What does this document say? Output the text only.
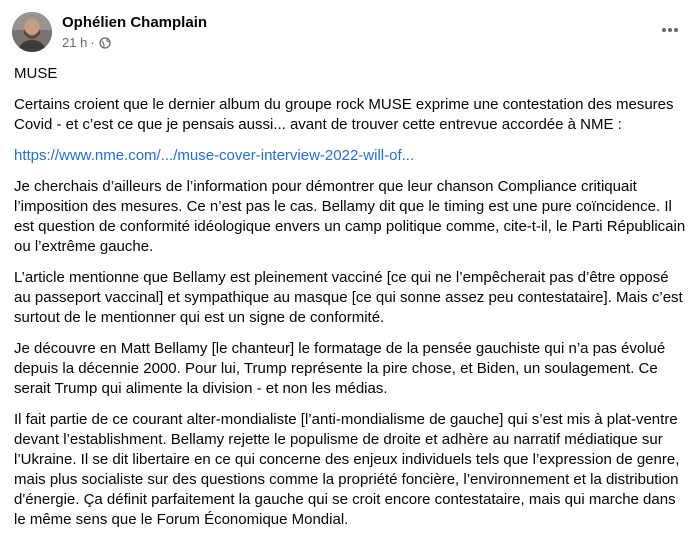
Ophélien Champlain
21 h ·

MUSE

Certains croient que le dernier album du groupe rock MUSE exprime une contestation des mesures Covid - et c’est ce que je pensais aussi... avant de trouver cette entrevue accordée à NME :

https://www.nme.com/.../muse-cover-interview-2022-will-of...

Je cherchais d’ailleurs de l’information pour démontrer que leur chanson Compliance critiquait l’imposition des mesures. Ce n’est pas le cas. Bellamy dit que le timing est une pure coïncidence. Il est question de conformité idéologique envers un camp politique comme, cite-t-il, le Parti Républicain ou l’extrême gauche.

L’article mentionne que Bellamy est pleinement vacciné [ce qui ne l’empêcherait pas d’être opposé au passeport vaccinal] et sympathique au masque [ce qui sonne assez peu contestataire]. Mais c’est surtout de le mentionner qui est un signe de conformité.

Je découvre en Matt Bellamy [le chanteur] le formatage de la pensée gauchiste qui n’a pas évolué depuis la décennie 2000. Pour lui, Trump représente la pire chose, et Biden, un soulagement. Ce serait Trump qui alimente la division - et non les médias.

Il fait partie de ce courant alter-mondialiste [l’anti-mondialisme de gauche] qui s’est mis à plat-ventre devant l’establishment. Bellamy rejette le populisme de droite et adhère au narratif médiatique sur l’Ukraine. Il se dit libertaire en ce qui concerne des enjeux individuels tels que l’expression de genre, mais plus socialiste sur des questions comme la propriété foncière, l’environnement et la distribution d'énergie. Ça définit parfaitement la gauche qui se croit encore contestataire, mais qui marche dans le même sens que le Forum Économique Mondial.
